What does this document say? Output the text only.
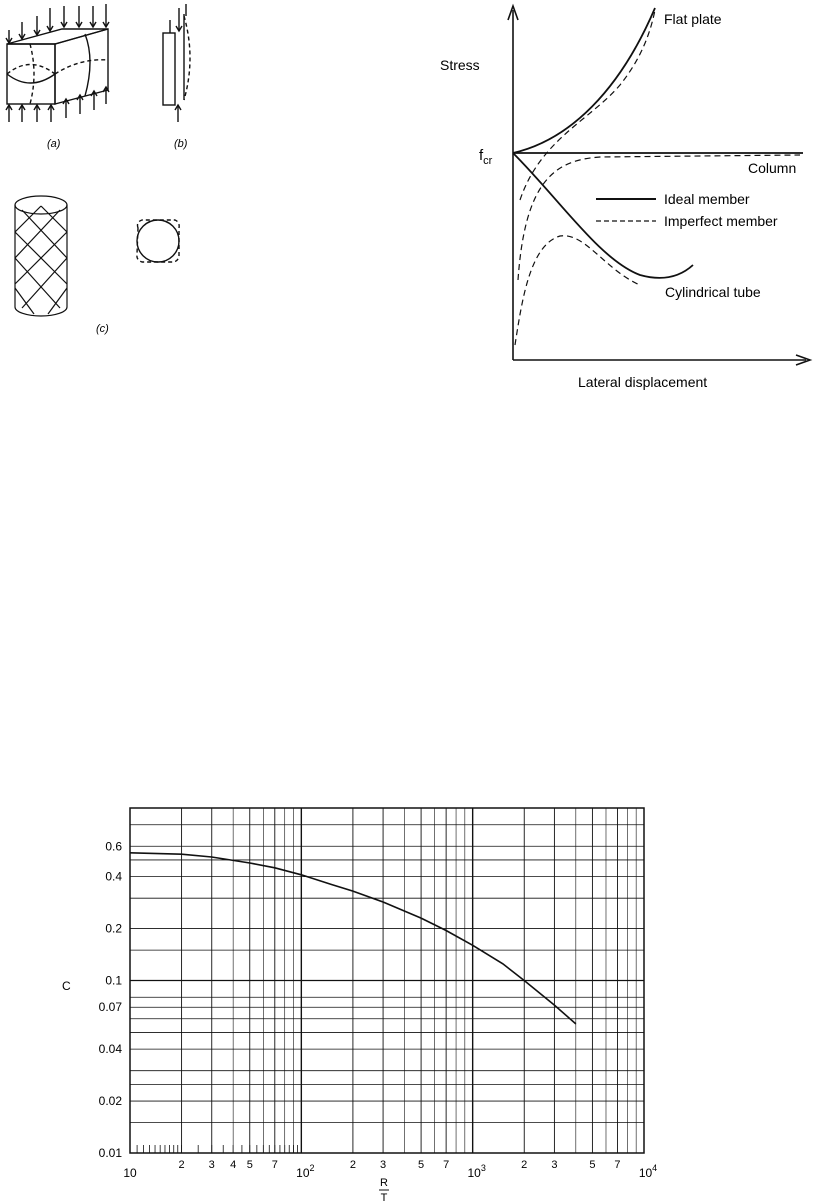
(a)	(b)
(c)
Stress
Lateral displacement
$f_{cr}$
Flat plate
Column
Cylindrical tube
Ideal member
Imperfect member
0.6
0.4
0.2
0.1
0.07
0.04
0.02
0.01
10	$10^2$	$10^3$	$10^4$
2 3 4 5 7	2 3	5 7	2 3	5 7
C
R
T
